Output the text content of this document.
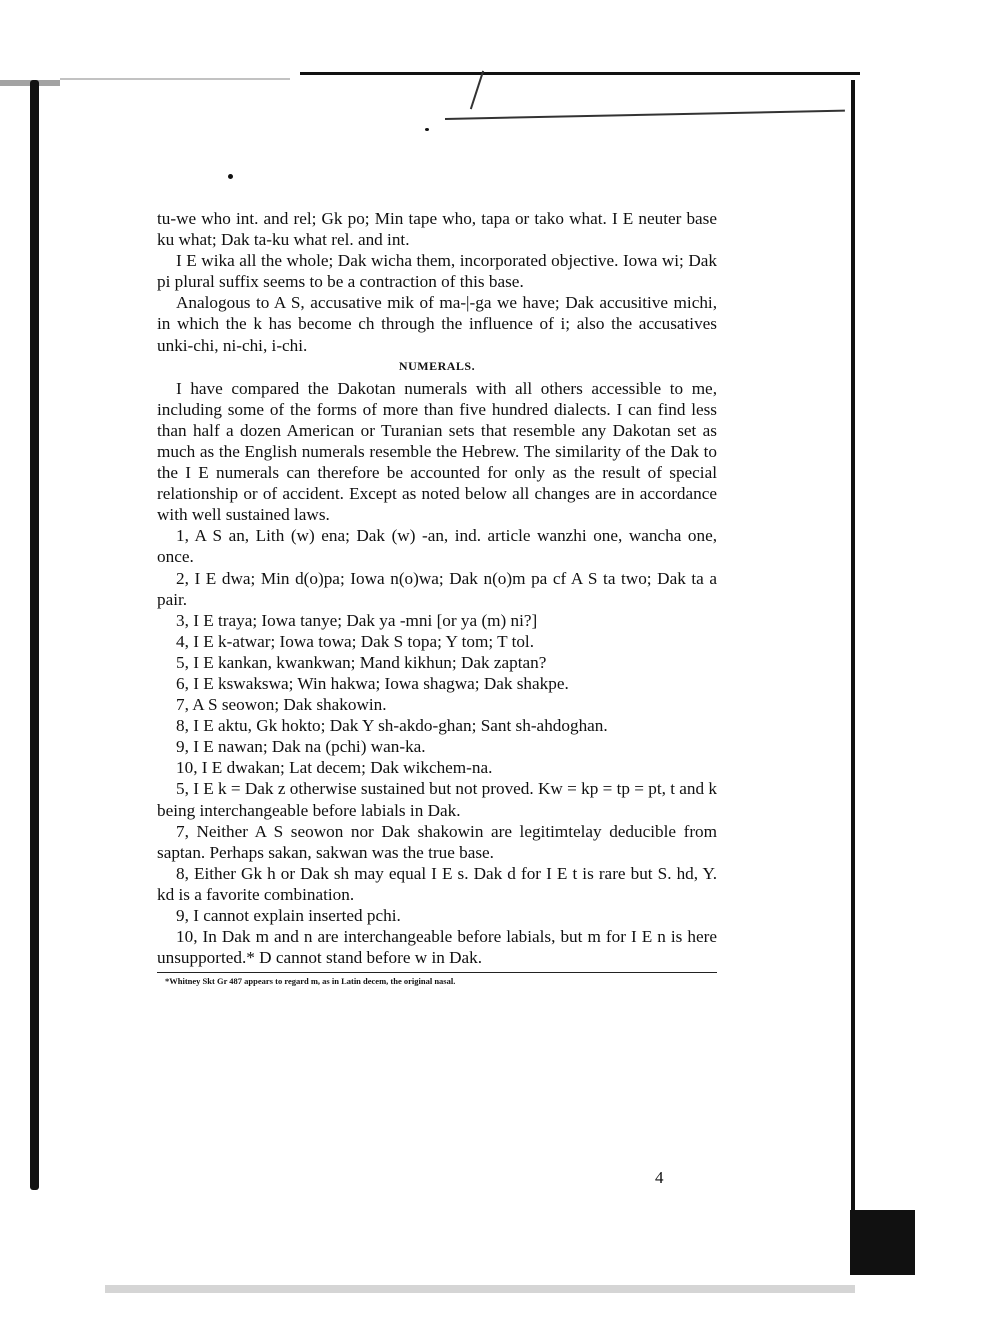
tu-we who int. and rel; Gk po; Min tape who, tapa or tako what. I E neuter base ku what; Dak ta-ku what rel. and int.

I E wika all the whole; Dak wicha them, incorporated objective. Iowa wi; Dak pi plural suffix seems to be a contraction of this base.

Analogous to A S, accusative mik of ma-|-ga we have; Dak accusitive michi, in which the k has become ch through the influence of i; also the accusatives unki-chi, ni-chi, i-chi.

NUMERALS.

I have compared the Dakotan numerals with all others accessible to me, including some of the forms of more than five hundred dialects. I can find less than half a dozen American or Turanian sets that resemble any Dakotan set as much as the English numerals resemble the Hebrew. The similarity of the Dak to the I E numerals can therefore be accounted for only as the result of special relationship or of accident. Except as noted below all changes are in accordance with well sustained laws.

1, A S an, Lith (w) ena; Dak (w) -an, ind. article wanzhi one, wancha one, once.

2, I E dwa; Min d(o)pa; Iowa n(o)wa; Dak n(o)m pa cf A S ta two; Dak ta a pair.

3, I E traya; Iowa tanye; Dak ya -mni [or ya (m) ni?]

4, I E k-atwar; Iowa towa; Dak S topa; Y tom; T tol.

5, I E kankan, kwankwan; Mand kikhun; Dak zaptan?

6, I E kswakswa; Win hakwa; Iowa shagwa; Dak shakpe.

7, A S seowon; Dak shakowin.

8, I E aktu, Gk hokto; Dak Y sh-akdo-ghan; Sant sh-ahdoghan.

9, I E nawan; Dak na (pchi) wan-ka.

10, I E dwakan; Lat decem; Dak wikchem-na.

5, I E k = Dak z otherwise sustained but not proved. Kw = kp = tp = pt, t and k being interchangeable before labials in Dak.

7, Neither A S seowon nor Dak shakowin are legitimtelay deducible from saptan. Perhaps sakan, sakwan was the true base.

8, Either Gk h or Dak sh may equal I E s. Dak d for I E t is rare but S. hd, Y. kd is a favorite combination.

9, I cannot explain inserted pchi.

10, In Dak m and n are interchangeable before labials, but m for I E n is here unsupported.* D cannot stand before w in Dak.

*Whitney Skt Gr 487 appears to regard m, as in Latin decem, the original nasal.

4
